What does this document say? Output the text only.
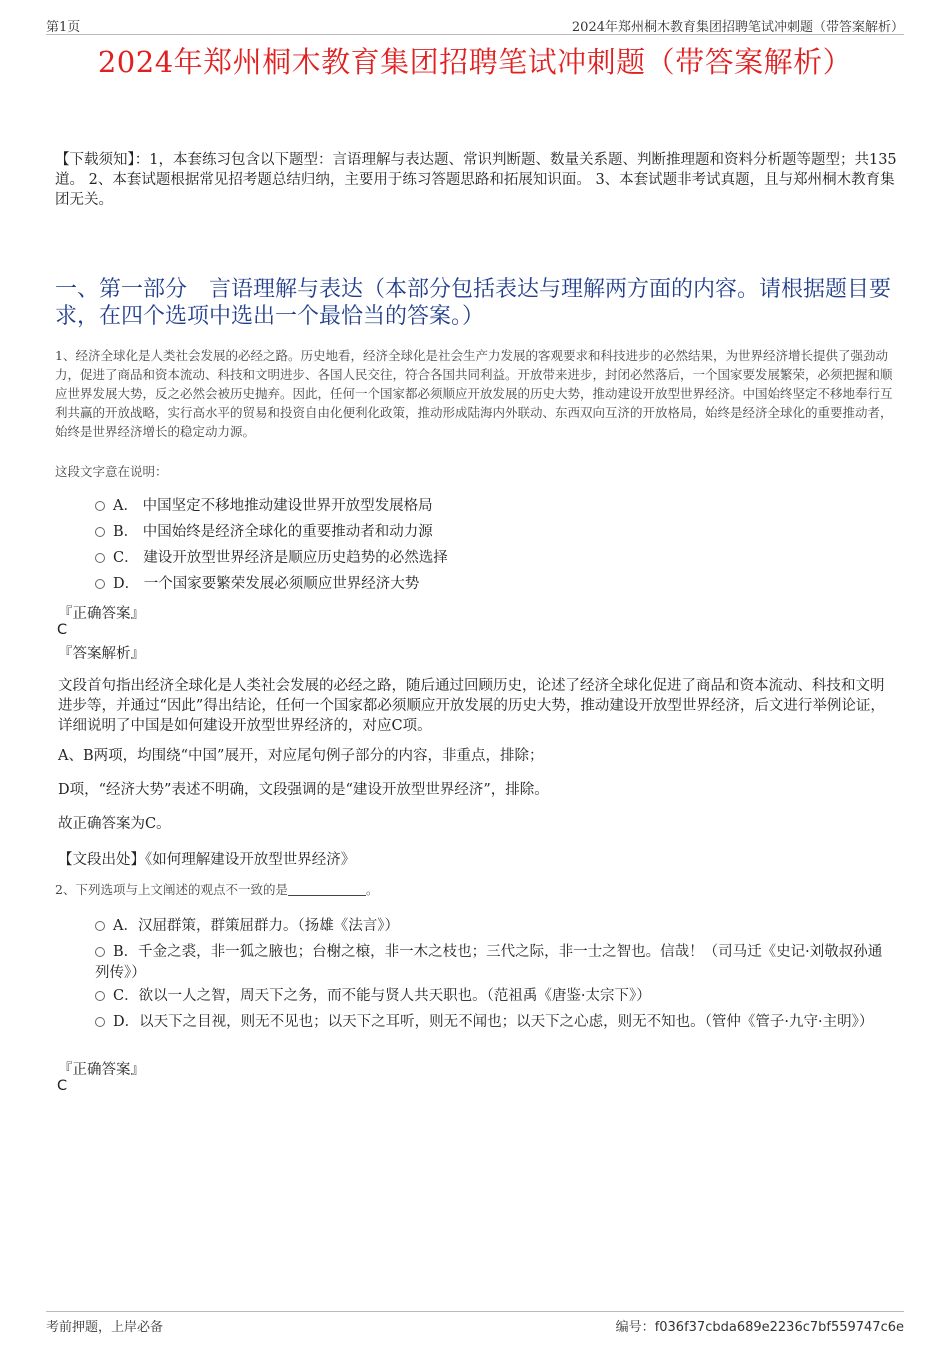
第1页	2024年郑州桐木教育集团招聘笔试冲刺题（带答案解析）
2024年郑州桐木教育集团招聘笔试冲刺题（带答案解析）
【下载须知】：1，本套练习包含以下题型：言语理解与表达题、常识判断题、数量关系题、判断推理题和资料分析题等题型；共135道。 2、本套试题根据常见招考题总结归纳，主要用于练习答题思路和拓展知识面。 3、本套试题非考试真题，且与郑州桐木教育集团无关。
一、第一部分　言语理解与表达（本部分包括表达与理解两方面的内容。请根据题目要求，在四个选项中选出一个最恰当的答案。）
1、经济全球化是人类社会发展的必经之路。历史地看，经济全球化是社会生产力发展的客观要求和科技进步的必然结果，为世界经济增长提供了强劲动力，促进了商品和资本流动、科技和文明进步、各国人民交往，符合各国共同利益。开放带来进步，封闭必然落后，一个国家要发展繁荣，必须把握和顺应世界发展大势，反之必然会被历史抛弃。因此，任何一个国家都必须顺应开放发展的历史大势，推动建设开放型世界经济。中国始终坚定不移地奉行互利共赢的开放战略，实行高水平的贸易和投资自由化便利化政策，推动形成陆海内外联动、东西双向互济的开放格局，始终是经济全球化的重要推动者，始终是世界经济增长的稳定动力源。
这段文字意在说明：
A． 中国坚定不移地推动建设世界开放型发展格局
B． 中国始终是经济全球化的重要推动者和动力源
C． 建设开放型世界经济是顺应历史趋势的必然选择
D． 一个国家要繁荣发展必须顺应世界经济大势
『正确答案』
C
『答案解析』
文段首句指出经济全球化是人类社会发展的必经之路，随后通过回顾历史，论述了经济全球化促进了商品和资本流动、科技和文明进步等，并通过“因此”得出结论，任何一个国家都必须顺应开放发展的历史大势，推动建设开放型世界经济，后文进行举例论证，详细说明了中国是如何建设开放型世界经济的，对应C项。
A、B两项，均围绕“中国”展开，对应尾句例子部分的内容，非重点，排除；
D项，“经济大势”表述不明确，文段强调的是“建设开放型世界经济”，排除。
故正确答案为C。
【文段出处】《如何理解建设开放型世界经济》
2、下列选项与上文阐述的观点不一致的是	。
A．汉屈群策，群策屈群力。（扬雄《法言》）
B．千金之裘，非一狐之腋也；台榭之榱，非一木之枝也；三代之际，非一士之智也。信哉！（司马迁《史记·刘敬叔孙通列传》）
C．欲以一人之智，周天下之务，而不能与贤人共天职也。（范祖禹《唐鉴·太宗下》）
D．以天下之目视，则无不见也；以天下之耳听，则无不闻也；以天下之心虑，则无不知也。（管仲《管子·九守·主明》）
『正确答案』
C
考前押题，上岸必备	编号：f036f37cbda689e2236c7bf559747c6e
